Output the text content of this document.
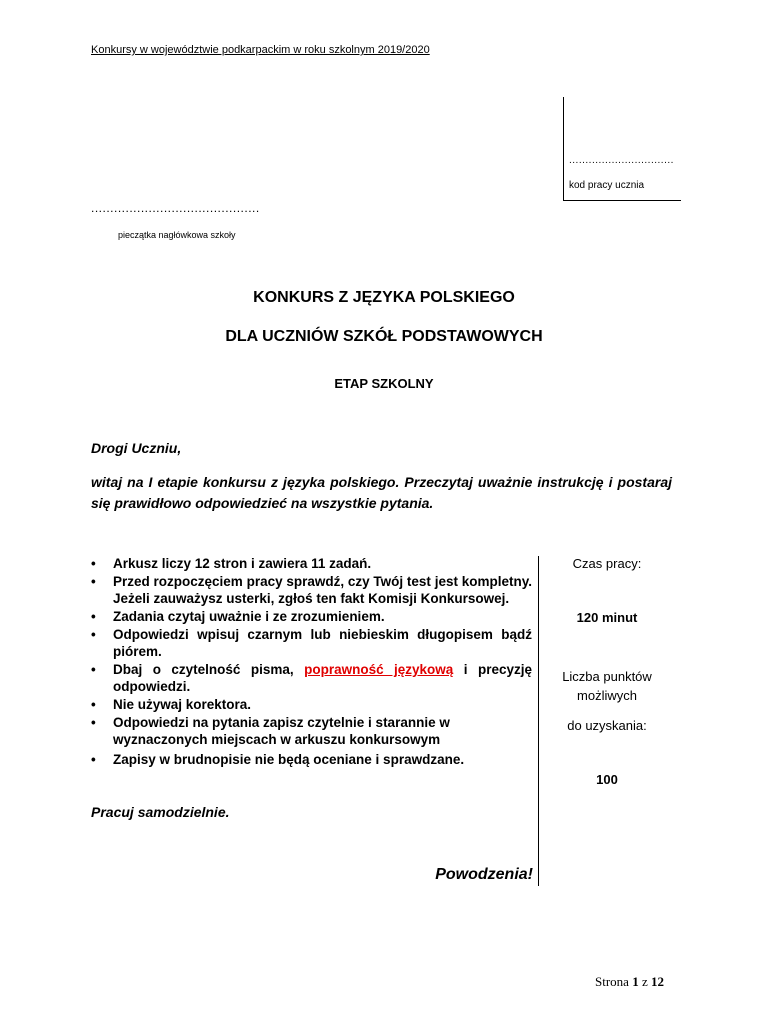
Konkursy w województwie podkarpackim w roku szkolnym 2019/2020
................................
kod pracy ucznia
............................................
pieczątka nagłówkowa szkoły
KONKURS Z JĘZYKA POLSKIEGO
DLA UCZNIÓW SZKÓŁ PODSTAWOWYCH
ETAP SZKOLNY
Drogi Uczniu,
witaj na I etapie konkursu z języka polskiego. Przeczytaj uważnie instrukcję i postaraj się prawidłowo odpowiedzieć na wszystkie pytania.
• Arkusz liczy 12 stron i zawiera 11 zadań.
• Przed rozpoczęciem pracy sprawdź, czy Twój test jest kompletny. Jeżeli zauważysz usterki, zgłoś ten fakt Komisji Konkursowej.
• Zadania czytaj uważnie i ze zrozumieniem.
• Odpowiedzi wpisuj czarnym lub niebieskim długopisem bądź piórem.
• Dbaj o czytelność pisma, poprawność językową i precyzję odpowiedzi.
• Nie używaj korektora.
• Odpowiedzi na pytania zapisz czytelnie i starannie w wyznaczonych miejscach w arkuszu konkursowym
• Zapisy w brudnopisie nie będą oceniane i sprawdzane.
Czas pracy:
120 minut
Liczba punktów
możliwych
do uzyskania:
100
Pracuj samodzielnie.
Powodzenia!
Strona 1 z 12
